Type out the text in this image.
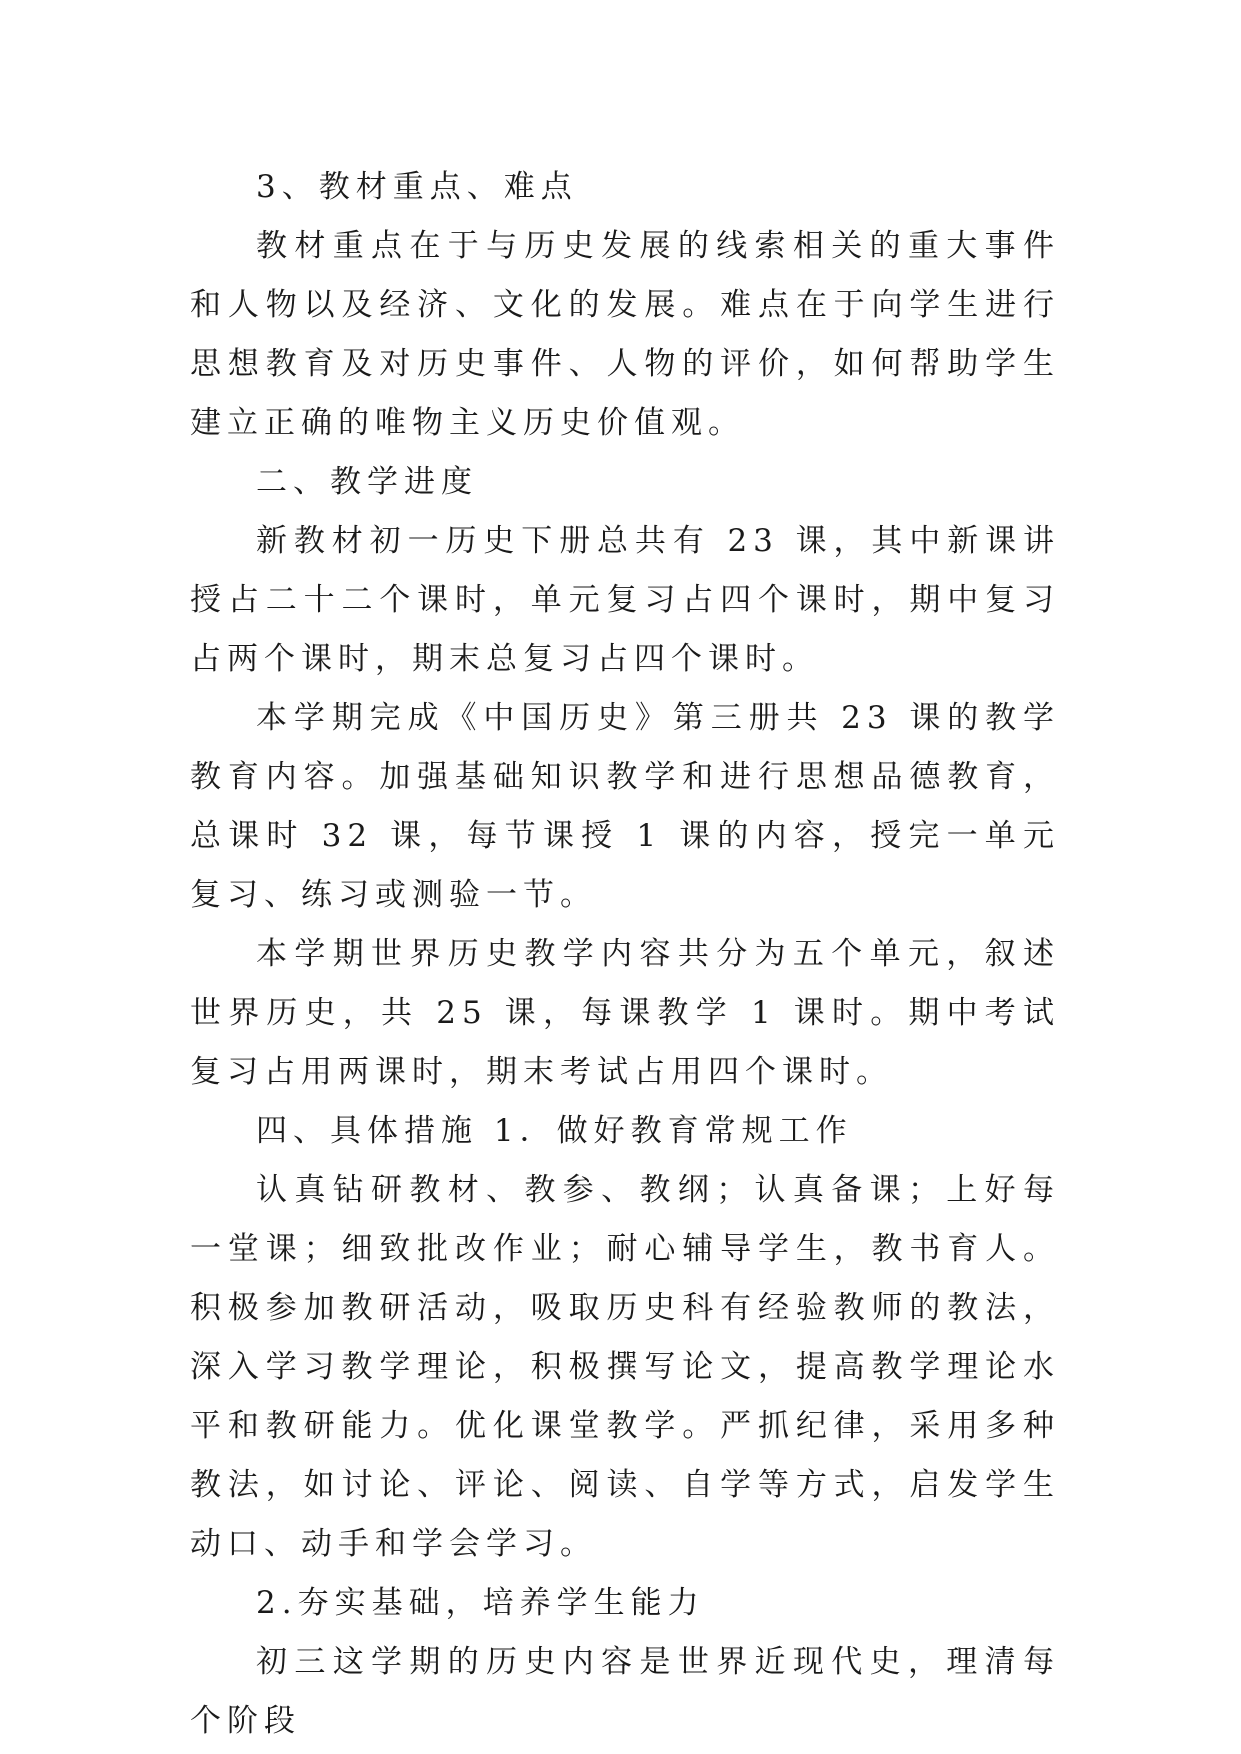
3、教材重点、难点

教材重点在于与历史发展的线索相关的重大事件和人物以及经济、文化的发展。难点在于向学生进行思想教育及对历史事件、人物的评价，如何帮助学生建立正确的唯物主义历史价值观。

二、教学进度

新教材初一历史下册总共有 23 课，其中新课讲授占二十二个课时，单元复习占四个课时，期中复习占两个课时，期末总复习占四个课时。

本学期完成《中国历史》第三册共 23 课的教学教育内容。加强基础知识教学和进行思想品德教育，总课时 32 课，每节课授 1 课的内容，授完一单元复习、练习或测验一节。

本学期世界历史教学内容共分为五个单元，叙述世界历史，共 25 课，每课教学 1 课时。期中考试复习占用两课时，期末考试占用四个课时。

四、具体措施 1．做好教育常规工作

认真钻研教材、教参、教纲；认真备课；上好每一堂课；细致批改作业；耐心辅导学生，教书育人。积极参加教研活动，吸取历史科有经验教师的教法，深入学习教学理论，积极撰写论文，提高教学理论水平和教研能力。优化课堂教学。严抓纪律，采用多种教法，如讨论、评论、阅读、自学等方式，启发学生动口、动手和学会学习。

2.夯实基础，培养学生能力

初三这学期的历史内容是世界近现代史，理清每个阶段
